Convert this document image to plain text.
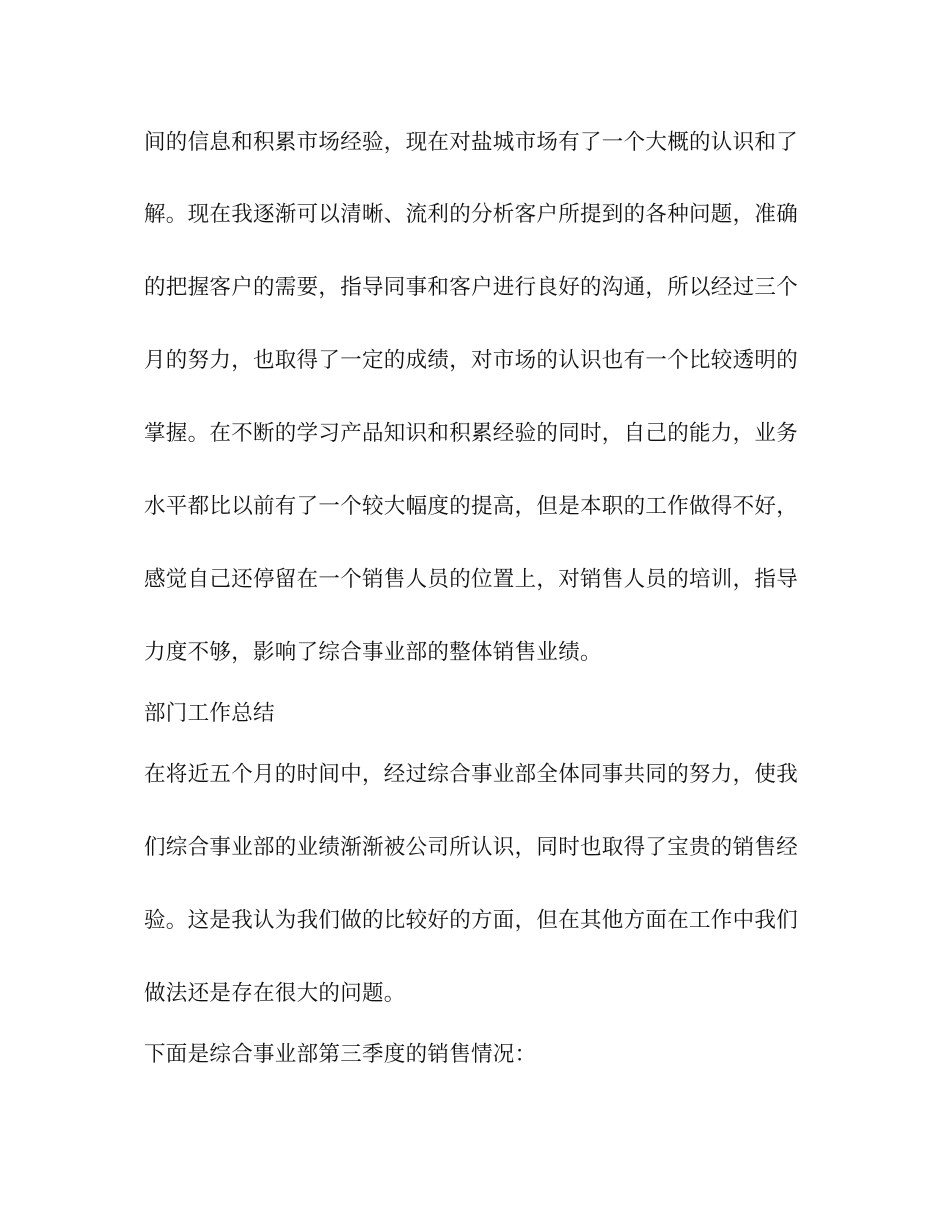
间的信息和积累市场经验，现在对盐城市场有了一个大概的认识和了
解。现在我逐渐可以清晰、流利的分析客户所提到的各种问题，准确
的把握客户的需要，指导同事和客户进行良好的沟通，所以经过三个
月的努力，也取得了一定的成绩，对市场的认识也有一个比较透明的
掌握。在不断的学习产品知识和积累经验的同时，自己的能力，业务
水平都比以前有了一个较大幅度的提高，但是本职的工作做得不好，
感觉自己还停留在一个销售人员的位置上，对销售人员的培训，指导
力度不够，影响了综合事业部的整体销售业绩。
部门工作总结
在将近五个月的时间中，经过综合事业部全体同事共同的努力，使我
们综合事业部的业绩渐渐被公司所认识，同时也取得了宝贵的销售经
验。这是我认为我们做的比较好的方面，但在其他方面在工作中我们
做法还是存在很大的问题。
下面是综合事业部第三季度的销售情况：
